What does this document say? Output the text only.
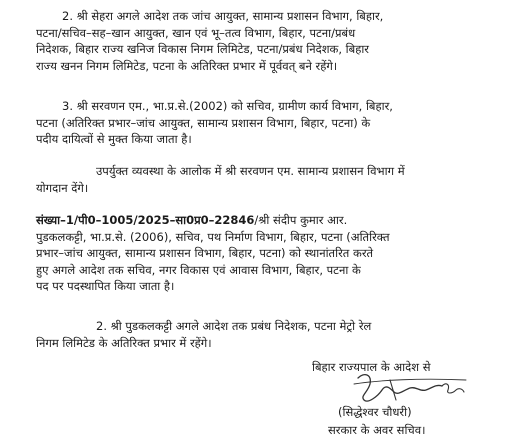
2. श्री सेहरा अगले आदेश तक जांच आयुक्त, सामान्य प्रशासन विभाग, बिहार,
पटना/सचिव–सह–खान आयुक्त, खान एवं भू–तत्व विभाग, बिहार, पटना/प्रबंध
निदेशक, बिहार राज्य खनिज विकास निगम लिमिटेड, पटना/प्रबंध निदेशक, बिहार
राज्य खनन निगम लिमिटेड, पटना के अतिरिक्त प्रभार में पूर्ववत् बने रहेंगे।
3. श्री सरवणन एम., भा.प्र.से.(2002) को सचिव, ग्रामीण कार्य विभाग, बिहार,
पटना (अतिरिक्त प्रभार–जांच आयुक्त, सामान्य प्रशासन विभाग, बिहार, पटना) के
पदीय दायित्वों से मुक्त किया जाता है।
उपर्युक्त व्यवस्था के आलोक में श्री सरवणन एम. सामान्य प्रशासन विभाग में
योगदान देंगे।
संख्या–1/पी0–1005/2025–सा0प्र0–22846/श्री संदीप कुमार आर.
पुडकलकट्टी, भा.प्र.से. (2006), सचिव, पथ निर्माण विभाग, बिहार, पटना (अतिरिक्त
प्रभार–जांच आयुक्त, सामान्य प्रशासन विभाग, बिहार, पटना) को स्थानांतरित करते
हुए अगले आदेश तक सचिव, नगर विकास एवं आवास विभाग, बिहार, पटना के
पद पर पदस्थापित किया जाता है।
2. श्री पुडकलकट्टी अगले आदेश तक प्रबंध निदेशक, पटना मेट्रो रेल
निगम लिमिटेड के अतिरिक्त प्रभार में रहेंगे।
बिहार राज्यपाल के आदेश से
(सिद्धेश्वर चौधरी)
सरकार के अवर सचिव।
